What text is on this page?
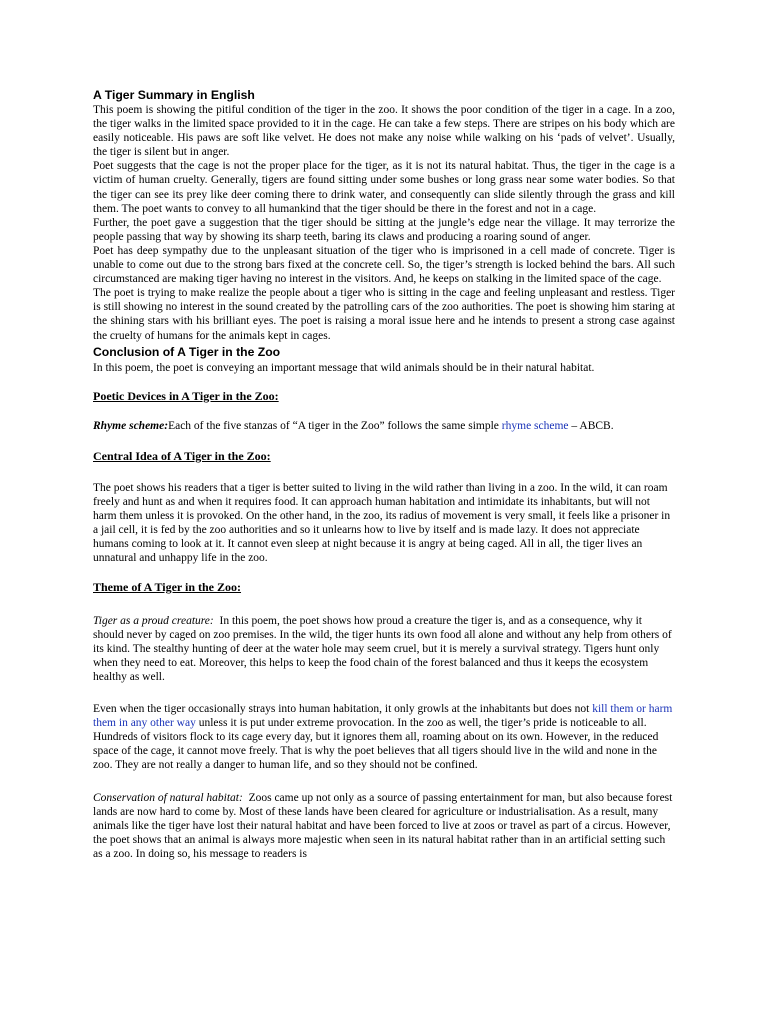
A Tiger Summary in English

This poem is showing the pitiful condition of the tiger in the zoo. It shows the poor condition of the tiger in a cage. In a zoo, the tiger walks in the limited space provided to it in the cage. He can take a few steps. There are stripes on his body which are easily noticeable. His paws are soft like velvet. He does not make any noise while walking on his ‘pads of velvet’. Usually, the tiger is silent but in anger.

Poet suggests that the cage is not the proper place for the tiger, as it is not its natural habitat. Thus, the tiger in the cage is a victim of human cruelty. Generally, tigers are found sitting under some bushes or long grass near some water bodies. So that the tiger can see its prey like deer coming there to drink water, and consequently can slide silently through the grass and kill them. The poet wants to convey to all humankind that the tiger should be there in the forest and not in a cage.

Further, the poet gave a suggestion that the tiger should be sitting at the jungle’s edge near the village. It may terrorize the people passing that way by showing its sharp teeth, baring its claws and producing a roaring sound of anger.

Poet has deep sympathy due to the unpleasant situation of the tiger who is imprisoned in a cell made of concrete. Tiger is unable to come out due to the strong bars fixed at the concrete cell. So, the tiger’s strength is locked behind the bars. All such circumstanced are making tiger having no interest in the visitors. And, he keeps on stalking in the limited space of the cage.

The poet is trying to make realize the people about a tiger who is sitting in the cage and feeling unpleasant and restless. Tiger is still showing no interest in the sound created by the patrolling cars of the zoo authorities. The poet is showing him staring at the shining stars with his brilliant eyes. The poet is raising a moral issue here and he intends to present a strong case against the cruelty of humans for the animals kept in cages.

Conclusion of A Tiger in the Zoo

In this poem, the poet is conveying an important message that wild animals should be in their natural habitat.

Poetic Devices in A Tiger in the Zoo:

Rhyme scheme:Each of the five stanzas of “A tiger in the Zoo” follows the same simple rhyme scheme – ABCB.

Central Idea of A Tiger in the Zoo:

The poet shows his readers that a tiger is better suited to living in the wild rather than living in a zoo. In the wild, it can roam freely and hunt as and when it requires food. It can approach human habitation and intimidate its inhabitants, but will not harm them unless it is provoked. On the other hand, in the zoo, its radius of movement is very small, it feels like a prisoner in a jail cell, it is fed by the zoo authorities and so it unlearns how to live by itself and is made lazy. It does not appreciate humans coming to look at it. It cannot even sleep at night because it is angry at being caged. All in all, the tiger lives an unnatural and unhappy life in the zoo.

Theme of A Tiger in the Zoo:

Tiger as a proud creature: In this poem, the poet shows how proud a creature the tiger is, and as a consequence, why it should never by caged on zoo premises. In the wild, the tiger hunts its own food all alone and without any help from others of its kind. The stealthy hunting of deer at the water hole may seem cruel, but it is merely a survival strategy. Tigers hunt only when they need to eat. Moreover, this helps to keep the food chain of the forest balanced and thus it keeps the ecosystem healthy as well.

Even when the tiger occasionally strays into human habitation, it only growls at the inhabitants but does not kill them or harm them in any other way unless it is put under extreme provocation. In the zoo as well, the tiger’s pride is noticeable to all. Hundreds of visitors flock to its cage every day, but it ignores them all, roaming about on its own. However, in the reduced space of the cage, it cannot move freely. That is why the poet believes that all tigers should live in the wild and none in the zoo. They are not really a danger to human life, and so they should not be confined.

Conservation of natural habitat: Zoos came up not only as a source of passing entertainment for man, but also because forest lands are now hard to come by. Most of these lands have been cleared for agriculture or industrialisation. As a result, many animals like the tiger have lost their natural habitat and have been forced to live at zoos or travel as part of a circus. However, the poet shows that an animal is always more majestic when seen in its natural habitat rather than in an artificial setting such as a zoo. In doing so, his message to readers is
